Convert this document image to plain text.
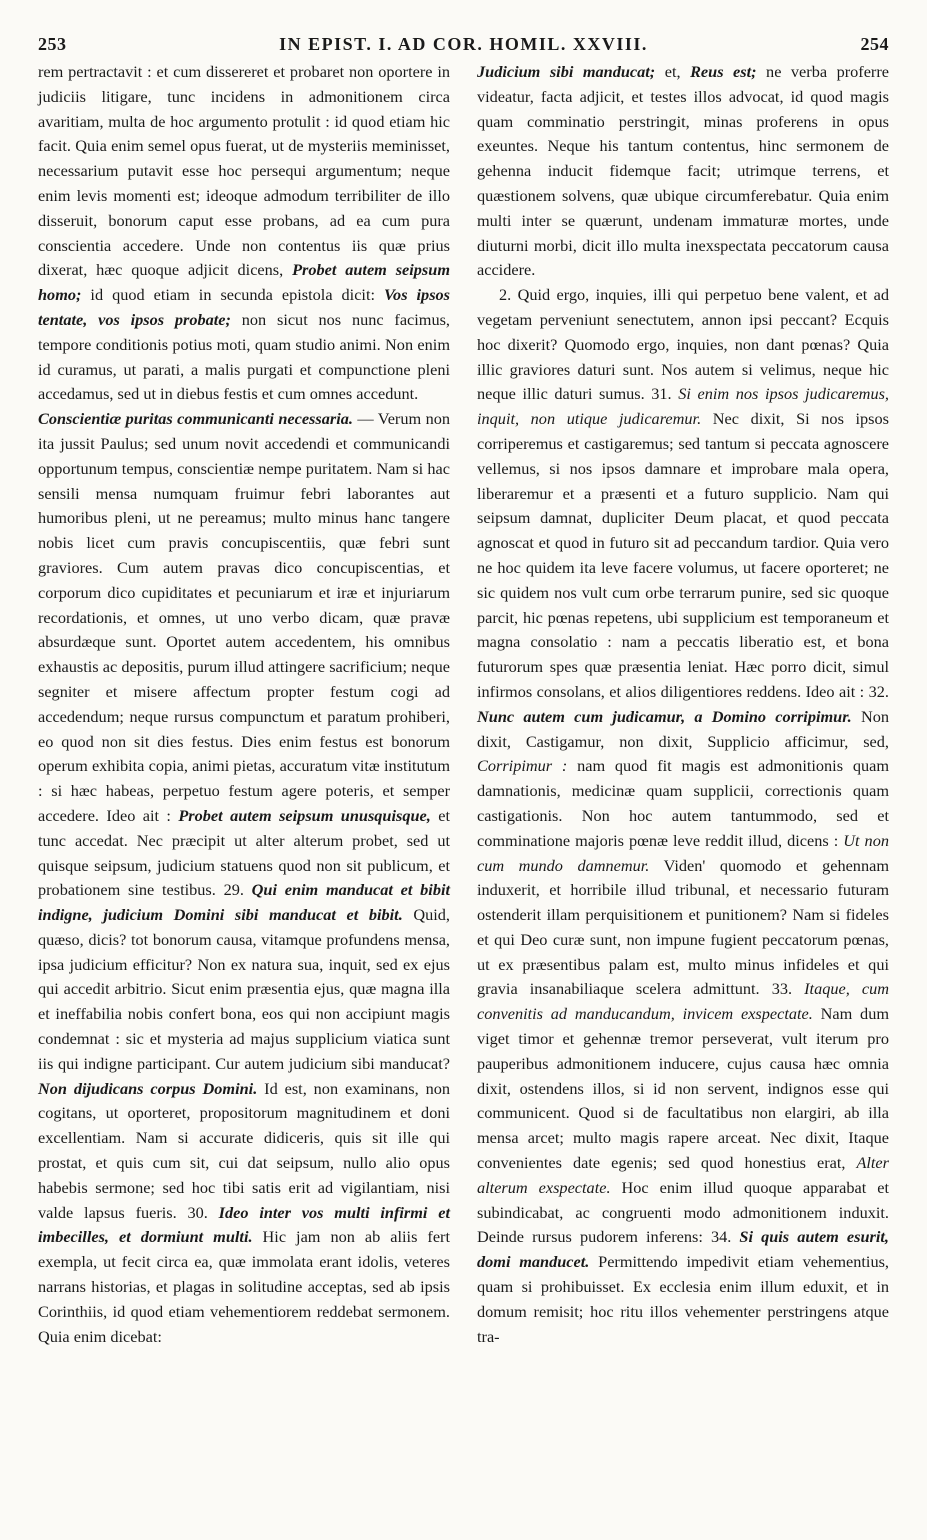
253	IN EPIST. I. AD COR. HOMIL. XXVIII.	254

rem pertractavit : et cum dissereret et probaret non oportere in judiciis litigare, tunc incidens in admonitionem circa avaritiam, multa de hoc argumento protulit : id quod etiam hic facit. Quia enim semel opus fuerat, ut de mysteriis meminisset, necessarium putavit esse hoc persequi argumentum; neque enim levis momenti est; ideoque admodum terribiliter de illo disseruit, bonorum caput esse probans, ad ea cum pura conscientia accedere. Unde non contentus iis quæ prius dixerat, hæc quoque adjicit dicens, Probet autem seipsum homo; id quod etiam in secunda epistola dicit: Vos ipsos tentate, vos ipsos probate; non sicut nos nunc facimus, tempore conditionis potius moti, quam studio animi. Non enim id curamus, ut parati, a malis purgati et compunctione pleni accedamus, sed ut in diebus festis et cum omnes accedunt.

Conscientiæ puritas communicanti necessaria. — Verum non ita jussit Paulus; sed unum novit accedendi et communicandi opportunum tempus, conscientiæ nempe puritatem. Nam si hac sensili mensa numquam fruimur febri laborantes aut humoribus pleni, ut ne pereamus; multo minus hanc tangere nobis licet cum pravis concupiscentiis, quæ febri sunt graviores. Cum autem pravas dico concupiscentias, et corporum dico cupiditates et pecuniarum et iræ et injuriarum recordationis, et omnes, ut uno verbo dicam, quæ pravæ absurdæque sunt. Oportet autem accedentem, his omnibus exhaustis ac depositis, purum illud attingere sacrificium; neque segniter et misere affectum propter festum cogi ad accedendum; neque rursus compunctum et paratum prohiberi, eo quod non sit dies festus. Dies enim festus est bonorum operum exhibita copia, animi pietas, accuratum vitæ institutum : si hæc habeas, perpetuo festum agere poteris, et semper accedere. Ideo ait : Probet autem seipsum unusquisque, et tunc accedat. Nec præcipit ut alter alterum probet, sed ut quisque seipsum, judicium statuens quod non sit publicum, et probationem sine testibus. 29. Qui enim manducat et bibit indigne, judicium Domini sibi manducat et bibit. Quid, quæso, dicis? tot bonorum causa, vitamque profundens mensa, ipsa judicium efficitur? Non ex natura sua, inquit, sed ex ejus qui accedit arbitrio. Sicut enim præsentia ejus, quæ magna illa et ineffabilia nobis confert bona, eos qui non accipiunt magis condemnat : sic et mysteria ad majus supplicium viatica sunt iis qui indigne participant. Cur autem judicium sibi manducat? Non dijudicans corpus Domini. Id est, non examinans, non cogitans, ut oporteret, propositorum magnitudinem et doni excellentiam. Nam si accurate didiceris, quis sit ille qui prostat, et quis cum sit, cui dat seipsum, nullo alio opus habebis sermone; sed hoc tibi satis erit ad vigilantiam, nisi valde lapsus fueris. 30. Ideo inter vos multi infirmi et imbecilles, et dormiunt multi. Hic jam non ab aliis fert exempla, ut fecit circa ea, quæ immolata erant idolis, veteres narrans historias, et plagas in solitudine acceptas, sed ab ipsis Corinthiis, id quod etiam vehementiorem reddebat sermonem. Quia enim dicebat:

Judicium sibi manducat; et, Reus est; ne verba proferre videatur, facta adjicit, et testes illos advocat, id quod magis quam comminatio perstringit, minas proferens in opus exeuntes. Neque his tantum contentus, hinc sermonem de gehenna inducit fidemque facit; utrimque terrens, et quæstionem solvens, quæ ubique circumferebatur. Quia enim multi inter se quærunt, undenam immaturæ mortes, unde diuturni morbi, dicit illo multa inexspectata peccatorum causa accidere.

2. Quid ergo, inquies, illi qui perpetuo bene valent, et ad vegetam perveniunt senectutem, annon ipsi peccant? Ecquis hoc dixerit? Quomodo ergo, inquies, non dant pœnas? Quia illic graviores daturi sunt. Nos autem si velimus, neque hic neque illic daturi sumus. 31. Si enim nos ipsos judicaremus, inquit, non utique judicaremur. Nec dixit, Si nos ipsos corriperemus et castigaremus; sed tantum si peccata agnoscere vellemus, si nos ipsos damnare et improbare mala opera, liberaremur et a præsenti et a futuro supplicio. Nam qui seipsum damnat, dupliciter Deum placat, et quod peccata agnoscat et quod in futuro sit ad peccandum tardior. Quia vero ne hoc quidem ita leve facere volumus, ut facere oporteret; ne sic quidem nos vult cum orbe terrarum punire, sed sic quoque parcit, hic pœnas repetens, ubi supplicium est temporaneum et magna consolatio : nam a peccatis liberatio est, et bona futurorum spes quæ præsentia leniat. Hæc porro dicit, simul infirmos consolans, et alios diligentiores reddens. Ideo ait : 32. Nunc autem cum judicamur, a Domino corripimur. Non dixit, Castigamur, non dixit, Supplicio afficimur, sed, Corripimur : nam quod fit magis est admonitionis quam damnationis, medicinæ quam supplicii, correctionis quam castigationis. Non hoc autem tantummodo, sed et comminatione majoris pœnæ leve reddit illud, dicens : Ut non cum mundo damnemur. Viden' quomodo et gehennam induxerit, et horribile illud tribunal, et necessario futuram ostenderit illam perquisitionem et punitionem? Nam si fideles et qui Deo curæ sunt, non impune fugient peccatorum pœnas, ut ex præsentibus palam est, multo minus infideles et qui gravia insanabiliaque scelera admittunt. 33. Itaque, cum convenitis ad manducandum, invicem exspectate. Nam dum viget timor et gehennæ tremor perseverat, vult iterum pro pauperibus admonitionem inducere, cujus causa hæc omnia dixit, ostendens illos, si id non servent, indignos esse qui communicent. Quod si de facultatibus non elargiri, ab illa mensa arcet; multo magis rapere arceat. Nec dixit, Itaque convenientes date egenis; sed quod honestius erat, Alter alterum exspectate. Hoc enim illud quoque apparabat et subindicabat, ac congruenti modo admonitionem induxit. Deinde rursus pudorem inferens: 34. Si quis autem esurit, domi manducet. Permittendo impedivit etiam vehementius, quam si prohibuisset. Ex ecclesia enim illum eduxit, et in domum remisit; hoc ritu illos vehementer perstringens atque tra-
